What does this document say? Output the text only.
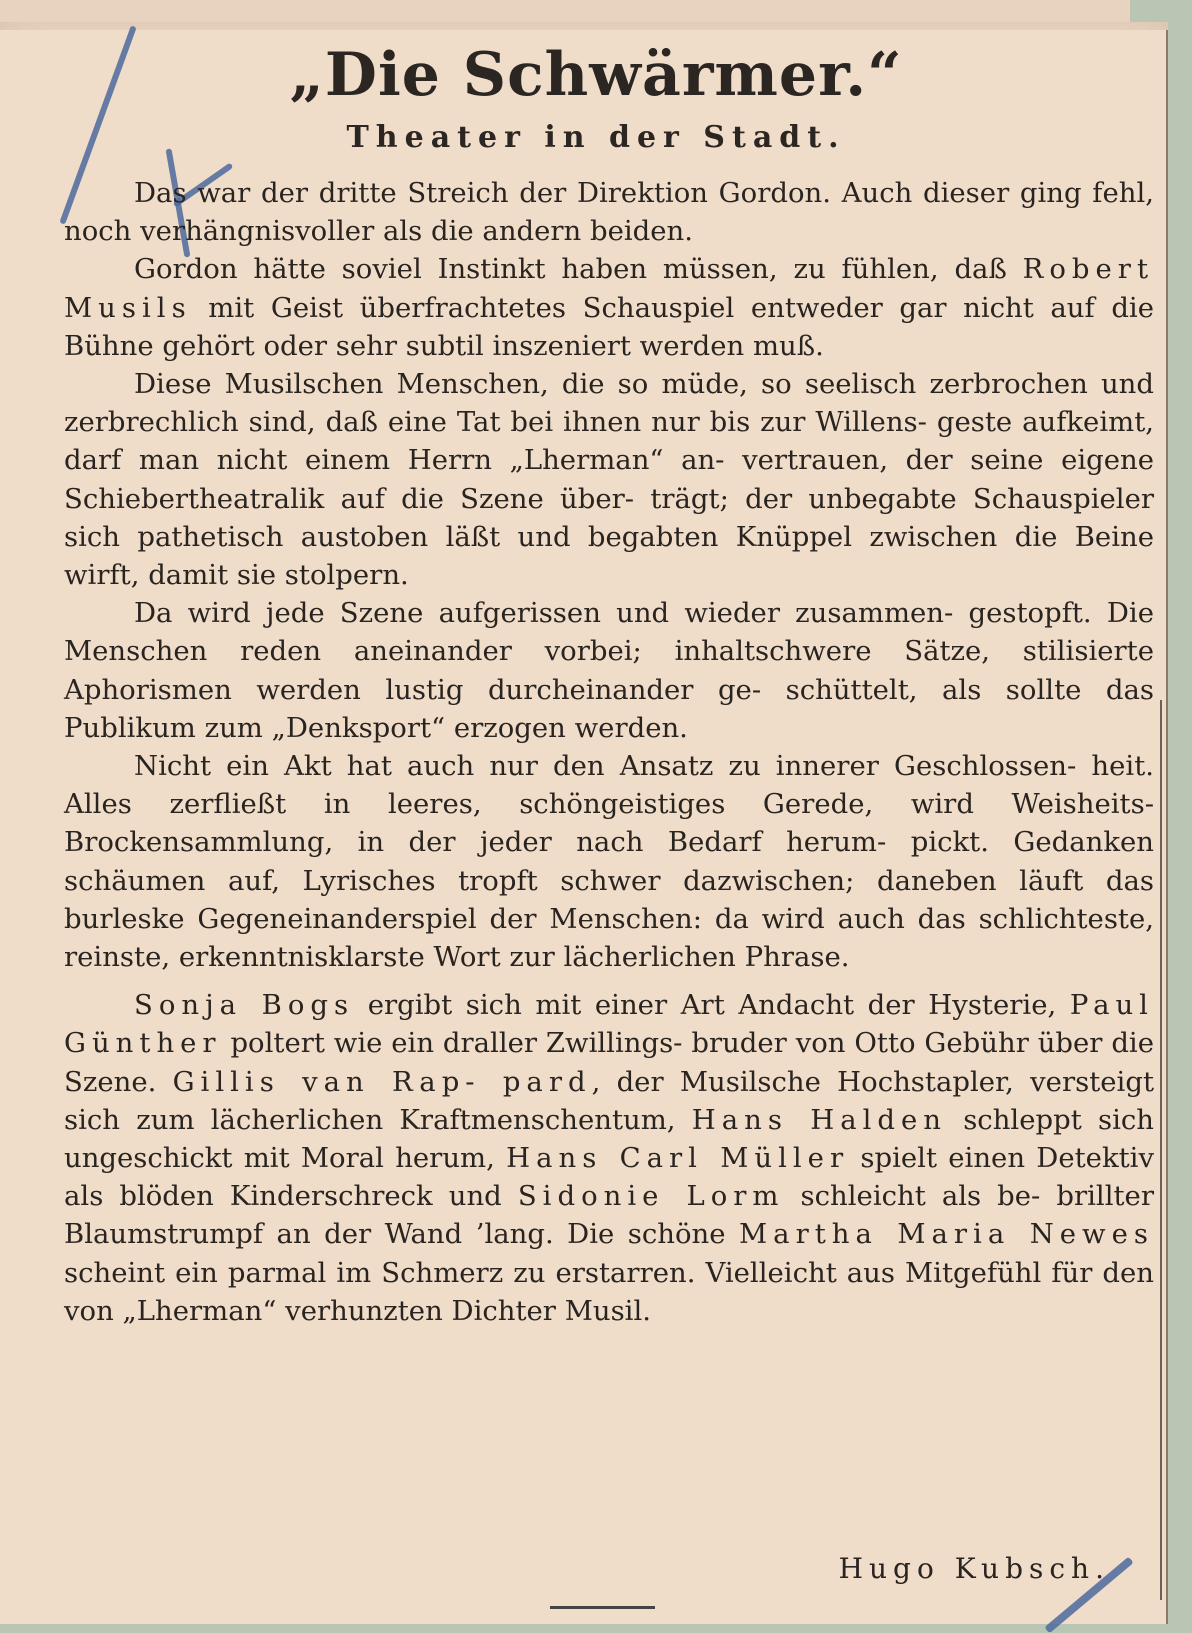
„Die Schwärmer.“
Theater in der Stadt.

Das war der dritte Streich der Direktion Gordon. Auch dieser ging fehl, noch verhängnisvoller als die andern beiden.

Gordon hätte soviel Instinkt haben müssen, zu fühlen, daß Robert Musils mit Geist überfrachtetes Schauspiel entweder gar nicht auf die Bühne gehört oder sehr subtil inszeniert werden muß.

Diese Musilschen Menschen, die so müde, so seelisch zerbrochen und zerbrechlich sind, daß eine Tat bei ihnen nur bis zur Willens- geste aufkeimt, darf man nicht einem Herrn „Lherman“ an- vertrauen, der seine eigene Schiebertheatralik auf die Szene über- trägt; der unbegabte Schauspieler sich pathetisch austoben läßt und begabten Knüppel zwischen die Beine wirft, damit sie stolpern.

Da wird jede Szene aufgerissen und wieder zusammen- gestopft. Die Menschen reden aneinander vorbei; inhaltschwere Sätze, stilisierte Aphorismen werden lustig durcheinander ge- schüttelt, als sollte das Publikum zum „Denksport“ erzogen werden.

Nicht ein Akt hat auch nur den Ansatz zu innerer Geschlossen- heit. Alles zerfließt in leeres, schöngeistiges Gerede, wird Weisheits-Brockensammlung, in der jeder nach Bedarf herum- pickt. Gedanken schäumen auf, Lyrisches tropft schwer dazwischen; daneben läuft das burleske Gegeneinanderspiel der Menschen: da wird auch das schlichteste, reinste, erkenntnisklarste Wort zur lächerlichen Phrase.

Sonja Bogs ergibt sich mit einer Art Andacht der Hysterie, Paul Günther poltert wie ein draller Zwillings- bruder von Otto Gebühr über die Szene. Gillis van Rap- pard, der Musilsche Hochstapler, versteigt sich zum lächerlichen Kraftmenschentum, Hans Halden schleppt sich ungeschickt mit Moral herum, Hans Carl Müller spielt einen Detektiv als blöden Kinderschreck und Sidonie Lorm schleicht als be- brillter Blaumstrumpf an der Wand ’lang. Die schöne Martha Maria Newes scheint ein parmal im Schmerz zu erstarren. Vielleicht aus Mitgefühl für den von „Lherman“ verhunzten Dichter Musil.

Hugo Kubsch.
